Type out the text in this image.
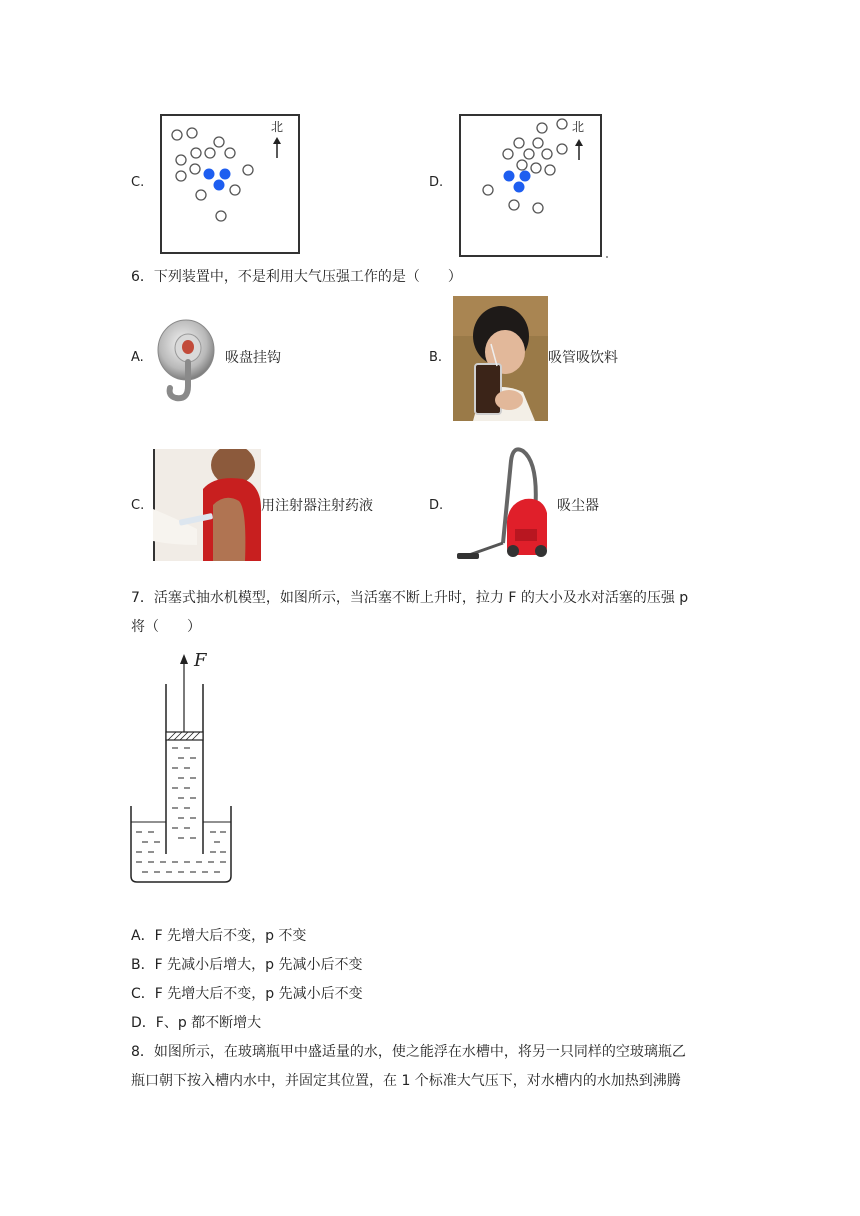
C.
北
D.
北
6．下列装置中，不是利用大气压强工作的是（　　）
A.	吸盘挂钩	B.	吸管吸饮料
C.	用注射器注射药液	D.	吸尘器
7．活塞式抽水机模型，如图所示，当活塞不断上升时，拉力 F 的大小及水对活塞的压强 p
将（　　）
F
A．F 先增大后不变，p 不变
B．F 先减小后增大，p 先减小后不变
C．F 先增大后不变，p 先减小后不变
D．F、p 都不断增大
8．如图所示，在玻璃瓶甲中盛适量的水，使之能浮在水槽中，将另一只同样的空玻璃瓶乙
瓶口朝下按入槽内水中，并固定其位置，在 1 个标准大气压下，对水槽内的水加热到沸腾
